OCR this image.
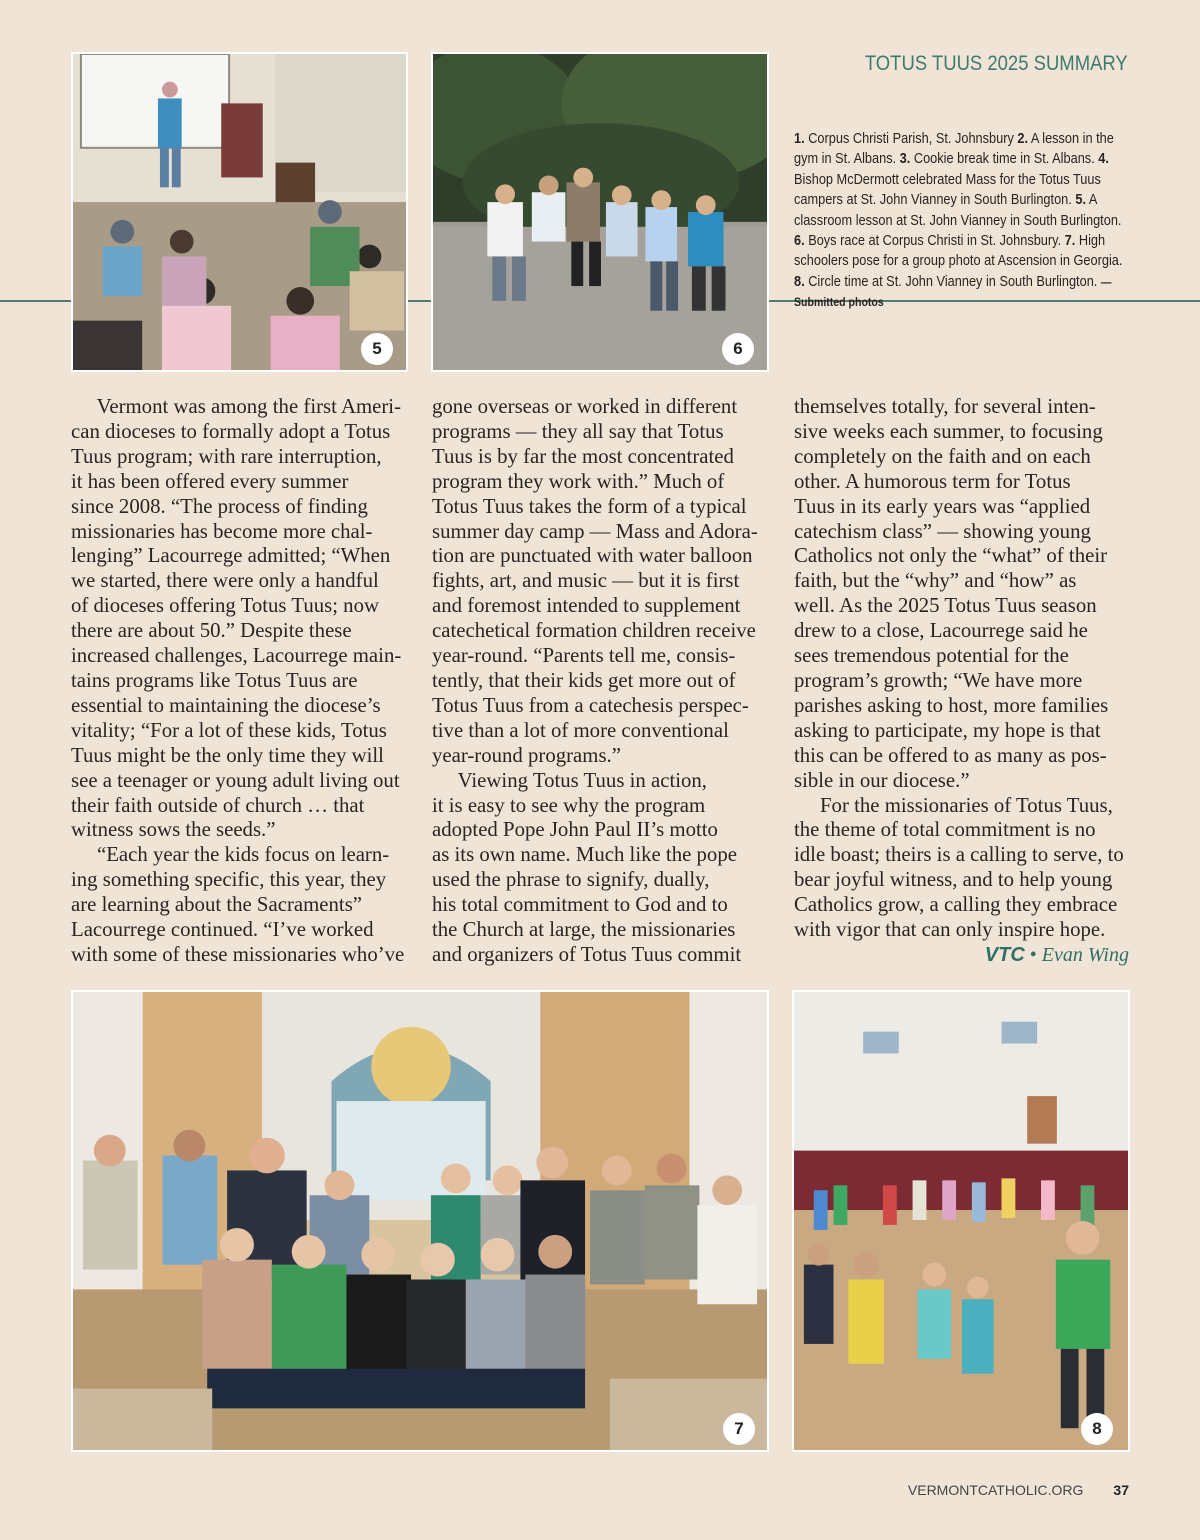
5	6
TOTUS TUUS 2025 SUMMARY
1. Corpus Christi Parish, St. Johnsbury 2. A lesson in the gym in St. Albans. 3. Cookie break time in St. Albans. 4. Bishop McDermott celebrated Mass for the Totus Tuus campers at St. John Vianney in South Burlington. 5. A classroom lesson at St. John Vianney in South Burlington. 6. Boys race at Corpus Christi in St. Johnsbury. 7. High schoolers pose for a group photo at Ascension in Georgia. 8. Circle time at St. John Vianney in South Burlington. — Submitted photos
  Vermont was among the first Ameri-
can dioceses to formally adopt a Totus
Tuus program; with rare interruption,
it has been offered every summer
since 2008. “The process of finding
missionaries has become more chal-
lenging” Lacourrege admitted; “When
we started, there were only a handful
of dioceses offering Totus Tuus; now
there are about 50.” Despite these
increased challenges, Lacourrege main-
tains programs like Totus Tuus are
essential to maintaining the diocese’s
vitality; “For a lot of these kids, Totus
Tuus might be the only time they will
see a teenager or young adult living out
their faith outside of church … that
witness sows the seeds.”
  “Each year the kids focus on learn-
ing something specific, this year, they
are learning about the Sacraments”
Lacourrege continued. “I’ve worked
with some of these missionaries who’ve
gone overseas or worked in different
programs — they all say that Totus
Tuus is by far the most concentrated
program they work with.” Much of
Totus Tuus takes the form of a typical
summer day camp — Mass and Adora-
tion are punctuated with water balloon
fights, art, and music — but it is first
and foremost intended to supplement
catechetical formation children receive
year-round. “Parents tell me, consis-
tently, that their kids get more out of
Totus Tuus from a catechesis perspec-
tive than a lot of more conventional
year-round programs.”
  Viewing Totus Tuus in action,
it is easy to see why the program
adopted Pope John Paul II’s motto
as its own name. Much like the pope
used the phrase to signify, dually,
his total commitment to God and to
the Church at large, the missionaries
and organizers of Totus Tuus commit
themselves totally, for several inten-
sive weeks each summer, to focusing
completely on the faith and on each
other. A humorous term for Totus
Tuus in its early years was “applied
catechism class” — showing young
Catholics not only the “what” of their
faith, but the “why” and “how” as
well. As the 2025 Totus Tuus season
drew to a close, Lacourrege said he
sees tremendous potential for the
program’s growth; “We have more
parishes asking to host, more families
asking to participate, my hope is that
this can be offered to as many as pos-
sible in our diocese.”
  For the missionaries of Totus Tuus,
the theme of total commitment is no
idle boast; theirs is a calling to serve, to
bear joyful witness, and to help young
Catholics grow, a calling they embrace
with vigor that can only inspire hope.
VTC • Evan Wing
7	8
VERMONTCATHOLIC.ORG 37
